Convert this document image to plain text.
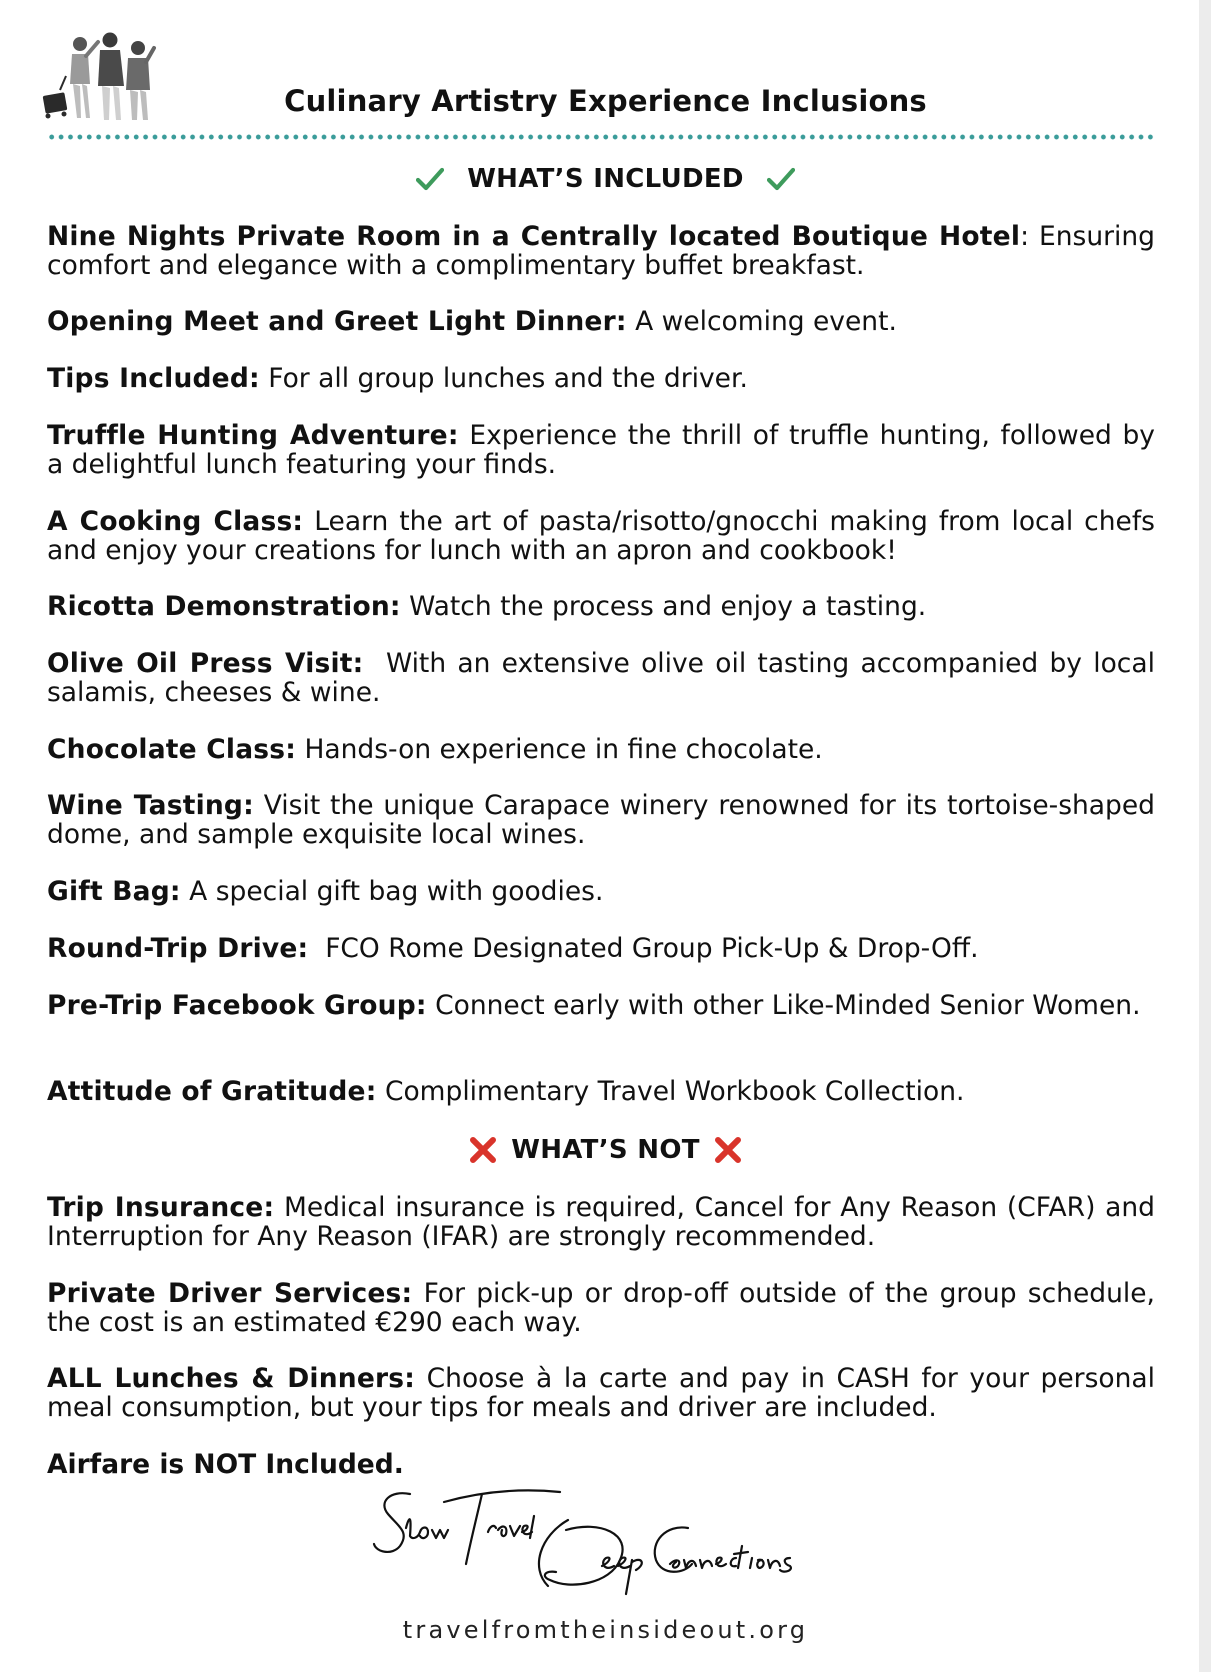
Culinary Artistry Experience Inclusions
WHAT’S INCLUDED

Nine Nights Private Room in a Centrally located Boutique Hotel: Ensuring comfort and elegance with a complimentary buffet breakfast.

Opening Meet and Greet Light Dinner: A welcoming event.

Tips Included: For all group lunches and the driver.

Truffle Hunting Adventure: Experience the thrill of truffle hunting, followed by a delightful lunch featuring your finds.

A Cooking Class: Learn the art of pasta/risotto/gnocchi making from local chefs and enjoy your creations for lunch with an apron and cookbook!

Ricotta Demonstration: Watch the process and enjoy a tasting.

Olive Oil Press Visit: With an extensive olive oil tasting accompanied by local salamis, cheeses & wine.

Chocolate Class: Hands-on experience in fine chocolate.

Wine Tasting: Visit the unique Carapace winery renowned for its tortoise-shaped dome, and sample exquisite local wines.

Gift Bag: A special gift bag with goodies.

Round-Trip Drive: FCO Rome Designated Group Pick-Up & Drop-Off.

Pre-Trip Facebook Group: Connect early with other Like-Minded Senior Women.

Attitude of Gratitude: Complimentary Travel Workbook Collection.

WHAT’S NOT

Trip Insurance: Medical insurance is required, Cancel for Any Reason (CFAR) and Interruption for Any Reason (IFAR) are strongly recommended.

Private Driver Services: For pick-up or drop-off outside of the group schedule, the cost is an estimated €290 each way.

ALL Lunches & Dinners: Choose à la carte and pay in CASH for your personal meal consumption, but your tips for meals and driver are included.

Airfare is NOT Included.

travelfromtheinsideout.org
